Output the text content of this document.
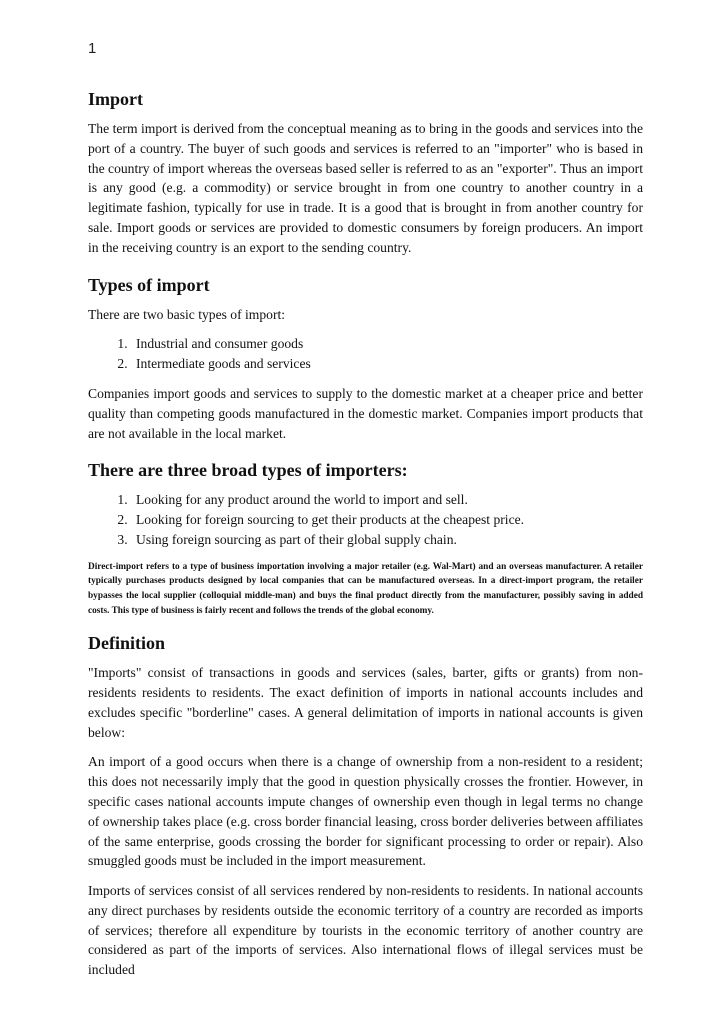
1
Import

The term import is derived from the conceptual meaning as to bring in the goods and services into the port of a country. The buyer of such goods and services is referred to an "importer" who is based in the country of import whereas the overseas based seller is referred to as an "exporter". Thus an import is any good (e.g. a commodity) or service brought in from one country to another country in a legitimate fashion, typically for use in trade. It is a good that is brought in from another country for sale. Import goods or services are provided to domestic consumers by foreign producers. An import in the receiving country is an export to the sending country.

Types of import

There are two basic types of import:

1. Industrial and consumer goods
2. Intermediate goods and services

Companies import goods and services to supply to the domestic market at a cheaper price and better quality than competing goods manufactured in the domestic market. Companies import products that are not available in the local market.

There are three broad types of importers:
1. Looking for any product around the world to import and sell.
2. Looking for foreign sourcing to get their products at the cheapest price.
3. Using foreign sourcing as part of their global supply chain.

Direct-import refers to a type of business importation involving a major retailer (e.g. Wal-Mart) and an overseas manufacturer. A retailer typically purchases products designed by local companies that can be manufactured overseas. In a direct-import program, the retailer bypasses the local supplier (colloquial middle-man) and buys the final product directly from the manufacturer, possibly saving in added costs. This type of business is fairly recent and follows the trends of the global economy.

Definition

"Imports" consist of transactions in goods and services (sales, barter, gifts or grants) from non-residents residents to residents. The exact definition of imports in national accounts includes and excludes specific "borderline" cases. A general delimitation of imports in national accounts is given below:

An import of a good occurs when there is a change of ownership from a non-resident to a resident; this does not necessarily imply that the good in question physically crosses the frontier. However, in specific cases national accounts impute changes of ownership even though in legal terms no change of ownership takes place (e.g. cross border financial leasing, cross border deliveries between affiliates of the same enterprise, goods crossing the border for significant processing to order or repair). Also smuggled goods must be included in the import measurement.

Imports of services consist of all services rendered by non-residents to residents. In national accounts any direct purchases by residents outside the economic territory of a country are recorded as imports of services; therefore all expenditure by tourists in the economic territory of another country are considered as part of the imports of services. Also international flows of illegal services must be included
